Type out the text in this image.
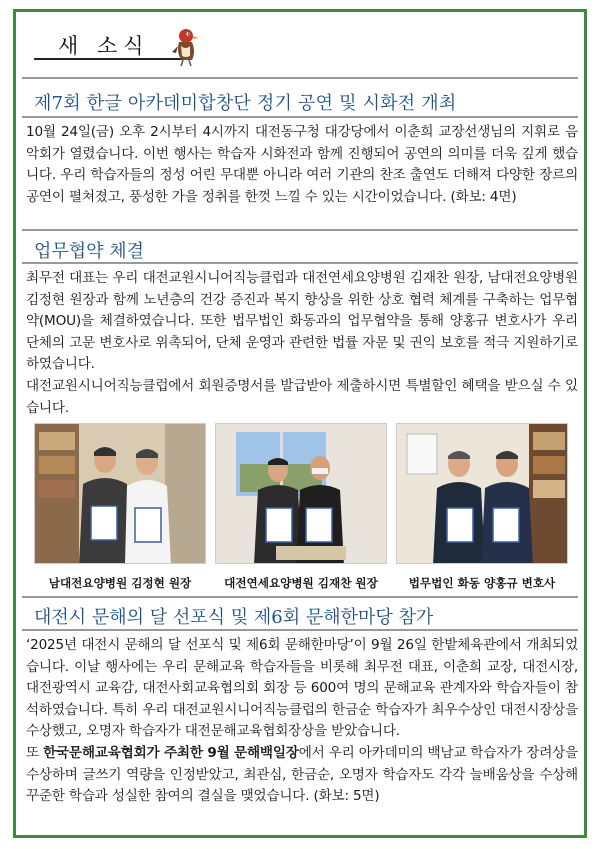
새 소식
제7회 한글 아카데미합창단 정기 공연 및 시화전 개최

10월 24일(금) 오후 2시부터 4시까지 대전동구청 대강당에서 이춘희 교장선생님의 지휘로 음악회가 열렸습니다. 이번 행사는 학습자 시화전과 함께 진행되어 공연의 의미를 더욱 깊게 했습니다. 우리 학습자들의 정성 어린 무대뿐 아니라 여러 기관의 찬조 출연도 더해져 다양한 장르의 공연이 펼쳐졌고, 풍성한 가을 정취를 한껏 느낄 수 있는 시간이었습니다. (화보: 4면)

업무협약 체결

최무전 대표는 우리 대전교원시니어직능클럽과 대전연세요양병원 김재찬 원장, 남대전요양병원 김정현 원장과 함께 노년층의 건강 증진과 복지 향상을 위한 상호 협력 체계를 구축하는 업무협약(MOU)을 체결하였습니다. 또한 법무법인 화동과의 업무협약을 통해 양홍규 변호사가 우리 단체의 고문 변호사로 위촉되어, 단체 운영과 관련한 법률 자문 및 권익 보호를 적극 지원하기로 하였습니다.

대전교원시니어직능클럽에서 회원증명서를 발급받아 제출하시면 특별할인 혜택을 받으실 수 있습니다.

남대전요양병원 김정현 원장	대전연세요양병원 김재찬 원장	법무법인 화동 양홍규 변호사
대전시 문해의 달 선포식 및 제6회 문해한마당 참가

‘2025년 대전시 문해의 달 선포식 및 제6회 문해한마당’이 9월 26일 한밭체육관에서 개최되었습니다. 이날 행사에는 우리 문해교육 학습자들을 비롯해 최무전 대표, 이춘희 교장, 대전시장, 대전광역시 교육감, 대전사회교육협의회 회장 등 600여 명의 문해교육 관계자와 학습자들이 참석하였습니다. 특히 우리 대전교원시니어직능클럽의 한금순 학습자가 최우수상인 대전시장상을 수상했고, 오명자 학습자가 대전문해교육협회장상을 받았습니다.

또 한국문해교육협회가 주최한 9월 문해백일장에서 우리 아카데미의 백남교 학습자가 장려상을 수상하며 글쓰기 역량을 인정받았고, 최관심, 한금순, 오명자 학습자도 각각 늘배움상을 수상해 꾸준한 학습과 성실한 참여의 결실을 맺었습니다. (화보: 5면)
